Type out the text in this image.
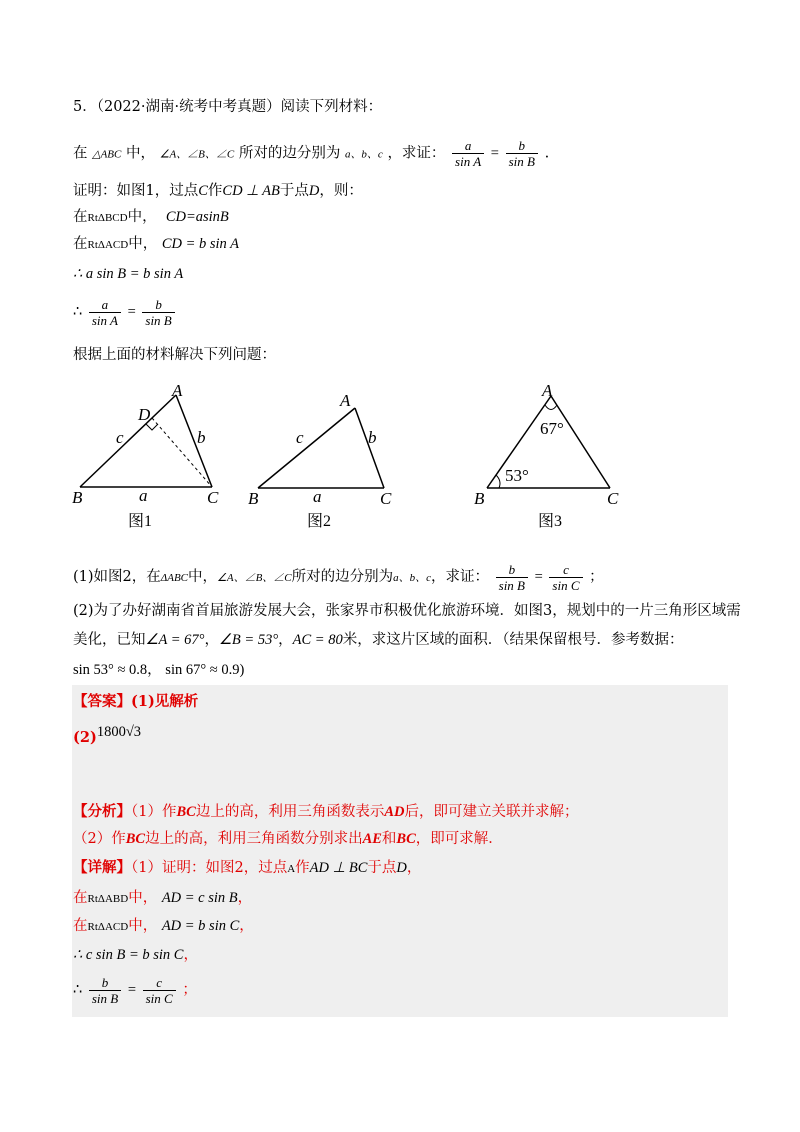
5．（2022·湖南·统考中考真题）阅读下列材料：
在 △ABC 中， ∠A、∠B、∠C 所对的边分别为 a、b、c ，求证： $\frac{a}{\text{sin A}} = \frac{b}{\text{sin B}}$ .
证明：如图1，过点C作CD ⊥ AB于点D，则：
在RtΔBCD中， CD=asinB
在RtΔACD中， CD = b sin A
∴ a sin B = b sin A
∴ $\frac{a}{\text{sin A}} = \frac{b}{\text{sin B}}$
根据上面的材料解决下列问题：
A
D
B	C
c	b
a
图1
A
B	C
c	b
a
图2
A
B	C
67°
53°
图3
(1)如图2，在ΔABC中，∠A、∠B、∠C所对的边分别为a、b、c，求证： $\frac{b}{\text{sin B}} = \frac{c}{\text{sin C}}$ ；
(2)为了办好湖南省首届旅游发展大会，张家界市积极优化旅游环境．如图3，规划中的一片三角形区域需
美化，已知∠A = 67°，∠B = 53°，AC = 80米，求这片区域的面积．（结果保留根号．参考数据：
sin 53° ≈ 0.8， sin 67° ≈ 0.9)
【答案】(1)见解析
(2)1800√3
【分析】（1）作BC边上的高，利用三角函数表示AD后，即可建立关联并求解；
（2）作BC边上的高，利用三角函数分别求出AE和BC，即可求解．
【详解】（1）证明：如图2，过点A作AD ⊥ BC于点D，
在RtΔABD中， AD = c sin B，
在RtΔACD中， AD = b sin C，
∴ c sin B = b sin C，
∴ $\frac{b}{\text{sin B}} = \frac{c}{\text{sin C}}$ ；
